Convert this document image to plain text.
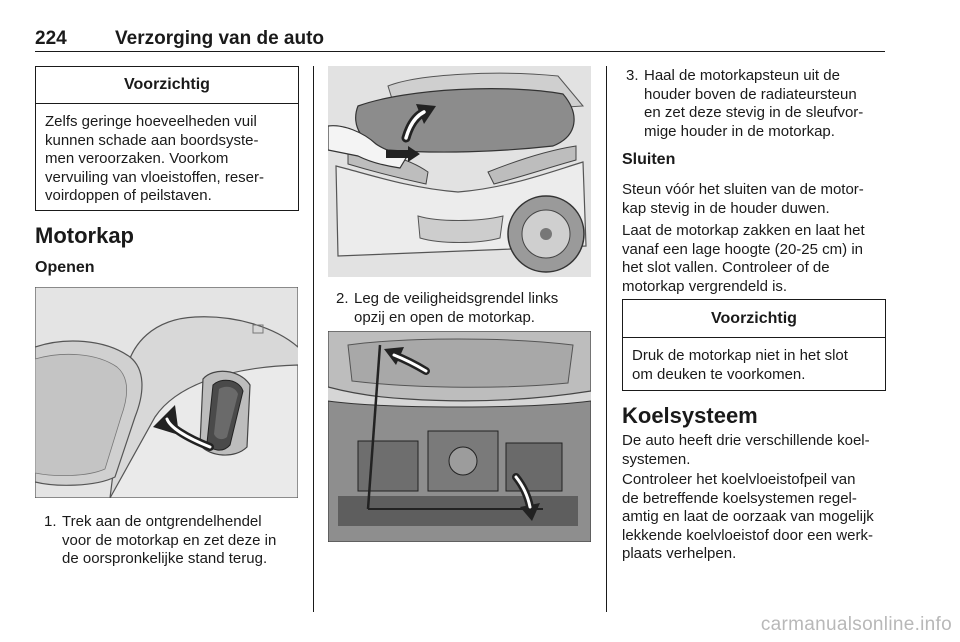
224	Verzorging van de auto
Voorzichtig
Zelfs geringe hoeveelheden vuil
kunnen schade aan boordsyste-
men veroorzaken. Voorkom
vervuiling van vloeistoffen, reser-
voirdoppen of peilstaven.
Motorkap
Openen
1. Trek aan de ontgrendelhendel
voor de motorkap en zet deze in
de oorspronkelijke stand terug.
2. Leg de veiligheidsgrendel links
opzij en open de motorkap.
3. Haal de motorkapsteun uit de
houder boven de radiateursteun
en zet deze stevig in de sleufvor-
mige houder in de motorkap.
Sluiten
Steun vóór het sluiten van de motor-
kap stevig in de houder duwen.
Laat de motorkap zakken en laat het
vanaf een lage hoogte (20-25 cm) in
het slot vallen. Controleer of de
motorkap vergrendeld is.
Voorzichtig
Druk de motorkap niet in het slot
om deuken te voorkomen.
Koelsysteem
De auto heeft drie verschillende koel-
systemen.
Controleer het koelvloeistofpeil van
de betreffende koelsystemen regel-
amtig en laat de oorzaak van mogelijk
lekkende koelvloeistof door een werk-
plaats verhelpen.
carmanualsonline.info
